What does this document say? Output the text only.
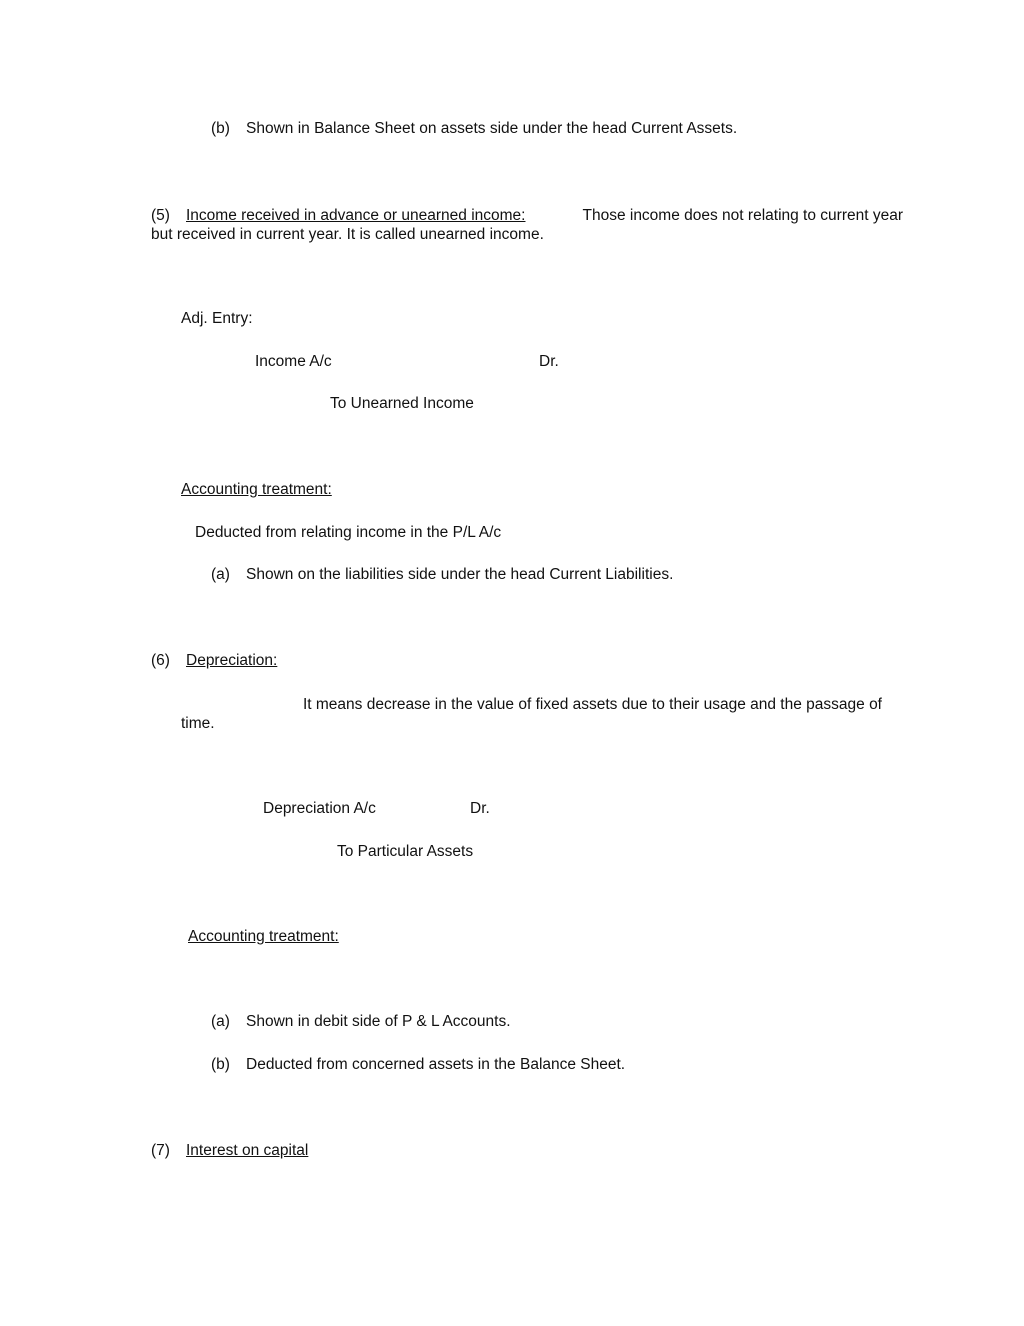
(b) Shown in Balance Sheet on assets side under the head Current Assets.
(5) Income received in advance or unearned income:	Those income does not relating to current year
but received in current year. It is called unearned income.
Adj. Entry:
Income A/c	Dr.
To Unearned Income
Accounting treatment:
Deducted from relating income in the P/L A/c
(a) Shown on the liabilities side under the head Current Liabilities.
(6) Depreciation:
It means decrease in the value of fixed assets due to their usage and the passage of
time.
Depreciation A/c	Dr.
To Particular Assets
Accounting treatment:
(a) Shown in debit side of P & L Accounts.
(b) Deducted from concerned assets in the Balance Sheet.
(7) Interest on capital
